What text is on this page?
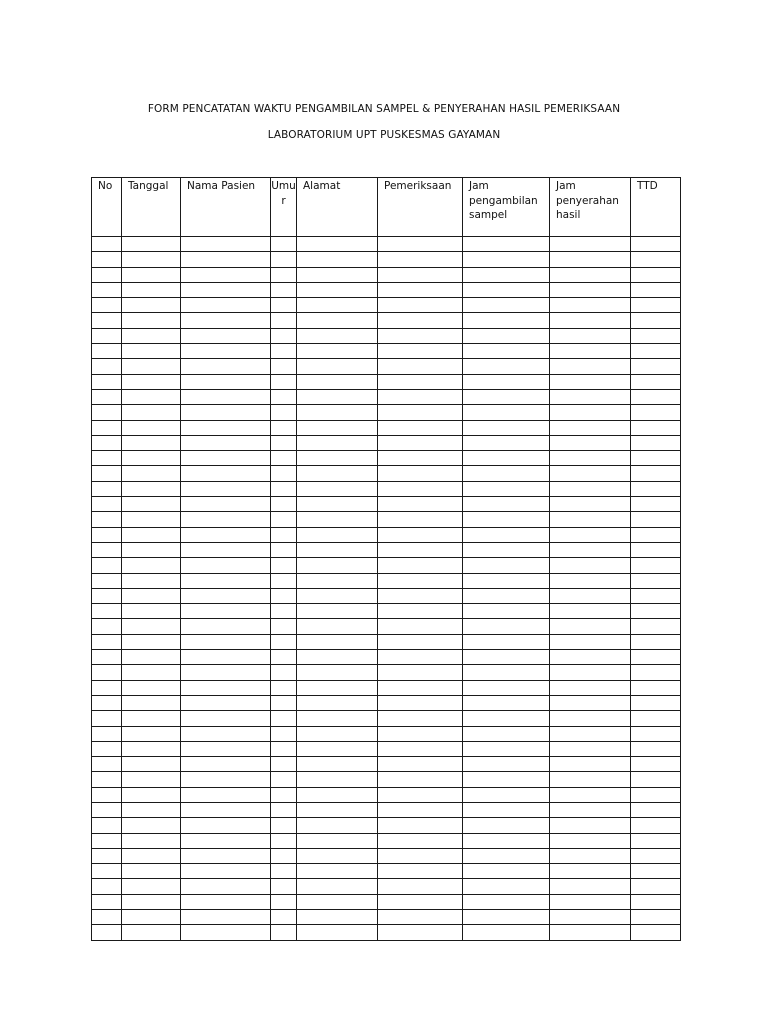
FORM PENCATATAN WAKTU PENGAMBILAN SAMPEL & PENYERAHAN HASIL PEMERIKSAAN
LABORATORIUM UPT PUSKESMAS GAYAMAN
No	Tanggal	Nama Pasien	Umur	Alamat	Pemeriksaan	Jam pengambilan sampel	Jam penyerahan hasil	TTD
